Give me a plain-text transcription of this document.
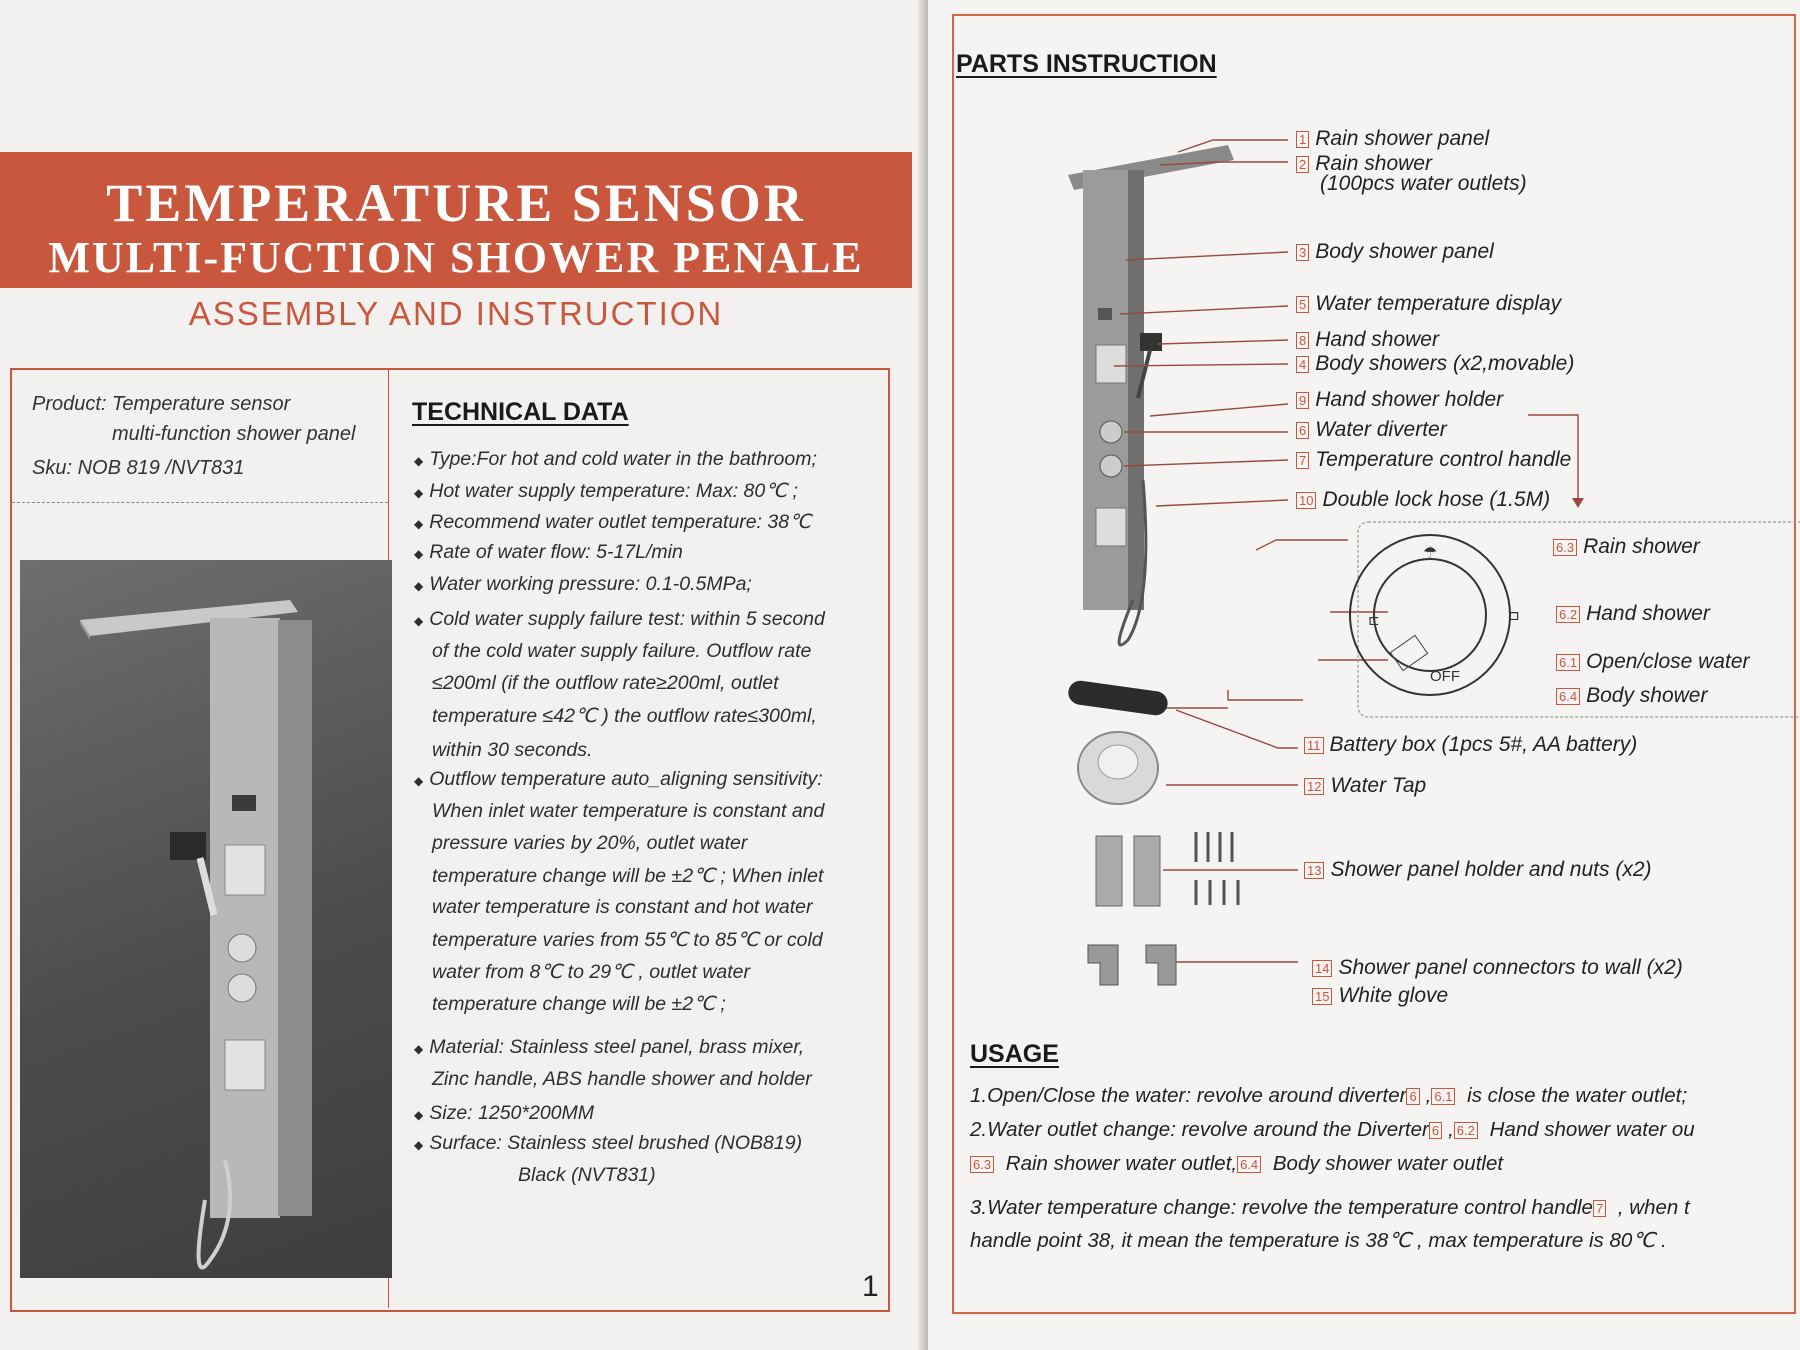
TEMPERATURE SENSOR
MULTI-FUCTION SHOWER PENALE
ASSEMBLY AND INSTRUCTION
Product: Temperature sensor
multi-function shower panel
Sku: NOB 819 /NVT831
TECHNICAL DATA
◆ Type:For hot and cold water in the bathroom;
◆ Hot water supply temperature: Max: 80℃ ;
◆ Recommend water outlet temperature: 38℃
◆ Rate of water flow: 5-17L/min
◆ Water working pressure: 0.1-0.5MPa;
◆ Cold water supply failure test: within 5 second
of the cold water supply failure. Outflow rate
≤200ml (if the outflow rate≥200ml, outlet
temperature ≤42℃ ) the outflow rate≤300ml,
within 30 seconds.
◆ Outflow temperature auto_aligning sensitivity:
When inlet water temperature is constant and
pressure varies by 20%, outlet water
temperature change will be ±2℃ ; When inlet
water temperature is constant and hot water
temperature varies from 55℃ to 85℃ or cold
water from 8℃ to 29℃ , outlet water
temperature change will be ±2℃ ;
◆ Material: Stainless steel panel, brass mixer,
Zinc handle, ABS handle shower and holder
◆ Size: 1250*200MM
◆ Surface: Stainless steel brushed (NOB819)
Black (NVT831)
1
PARTS INSTRUCTION
⊏	⊐
☂
1 Rain shower panel
2 Rain shower
(100pcs water outlets)
3 Body shower panel
5 Water temperature display
8 Hand shower
4 Body showers (x2,movable)
9 Hand shower holder
6 Water diverter
7 Temperature control handle
10 Double lock hose (1.5M)
6.3 Rain shower
6.2 Hand shower
6.1 Open/close water
6.4 Body shower
OFF
11 Battery box (1pcs 5#, AA battery)
12 Water Tap
13 Shower panel holder and nuts (x2)
14 Shower panel connectors to wall (x2)
15 White glove
USAGE
1.Open/Close the water: revolve around diverter 6 , 6.1 is close the water outlet;
2.Water outlet change: revolve around the Diverter 6 , 6.2 Hand shower water ou
6.3 Rain shower water outlet, 6.4 Body shower water outlet
3.Water temperature change: revolve the temperature control handle 7 , when t
handle point 38, it mean the temperature is 38℃ , max temperature is 80℃ .
